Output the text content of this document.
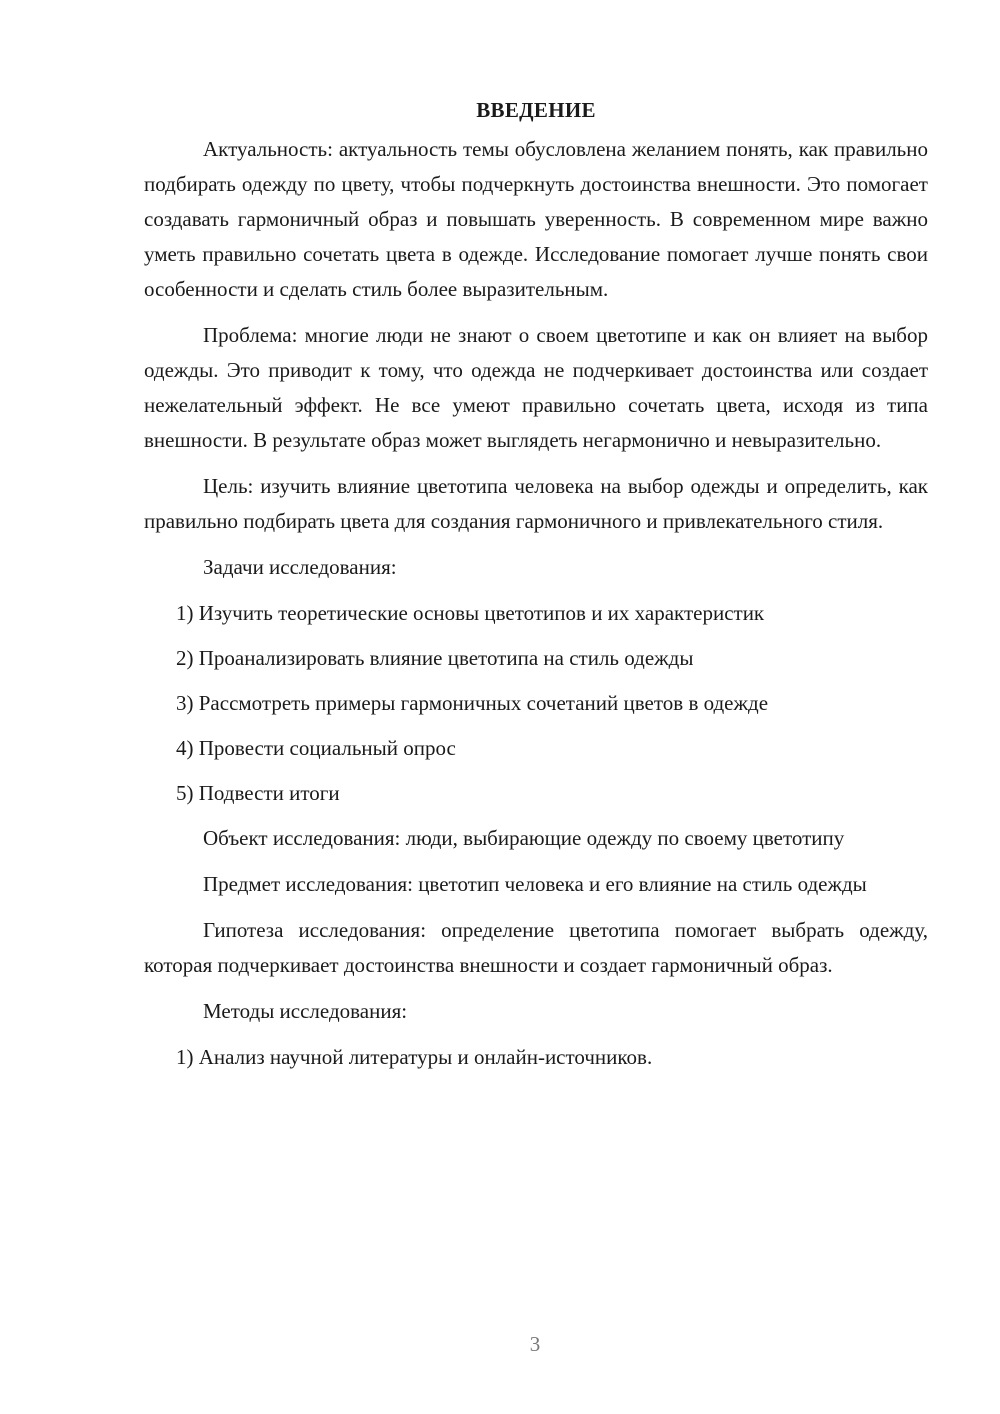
ВВЕДЕНИЕ

Актуальность: актуальность темы обусловлена желанием понять, как правильно подбирать одежду по цвету, чтобы подчеркнуть достоинства внешности. Это помогает создавать гармоничный образ и повышать уверенность. В современном мире важно уметь правильно сочетать цвета в одежде. Исследование помогает лучше понять свои особенности и сделать стиль более выразительным.

Проблема: многие люди не знают о своем цветотипе и как он влияет на выбор одежды. Это приводит к тому, что одежда не подчеркивает достоинства или создает нежелательный эффект. Не все умеют правильно сочетать цвета, исходя из типа внешности. В результате образ может выглядеть негармонично и невыразительно.

Цель: изучить влияние цветотипа человека на выбор одежды и определить, как правильно подбирать цвета для создания гармоничного и привлекательного стиля.

Задачи исследования:

1) Изучить теоретические основы цветотипов и их характеристик
2) Проанализировать влияние цветотипа на стиль одежды
3) Рассмотреть примеры гармоничных сочетаний цветов в одежде
4) Провести социальный опрос
5) Подвести итоги

Объект исследования: люди, выбирающие одежду по своему цветотипу

Предмет исследования: цветотип человека и его влияние на стиль одежды

Гипотеза исследования: определение цветотипа помогает выбрать одежду, которая подчеркивает достоинства внешности и создает гармоничный образ.

Методы исследования:

1) Анализ научной литературы и онлайн-источников.
3
